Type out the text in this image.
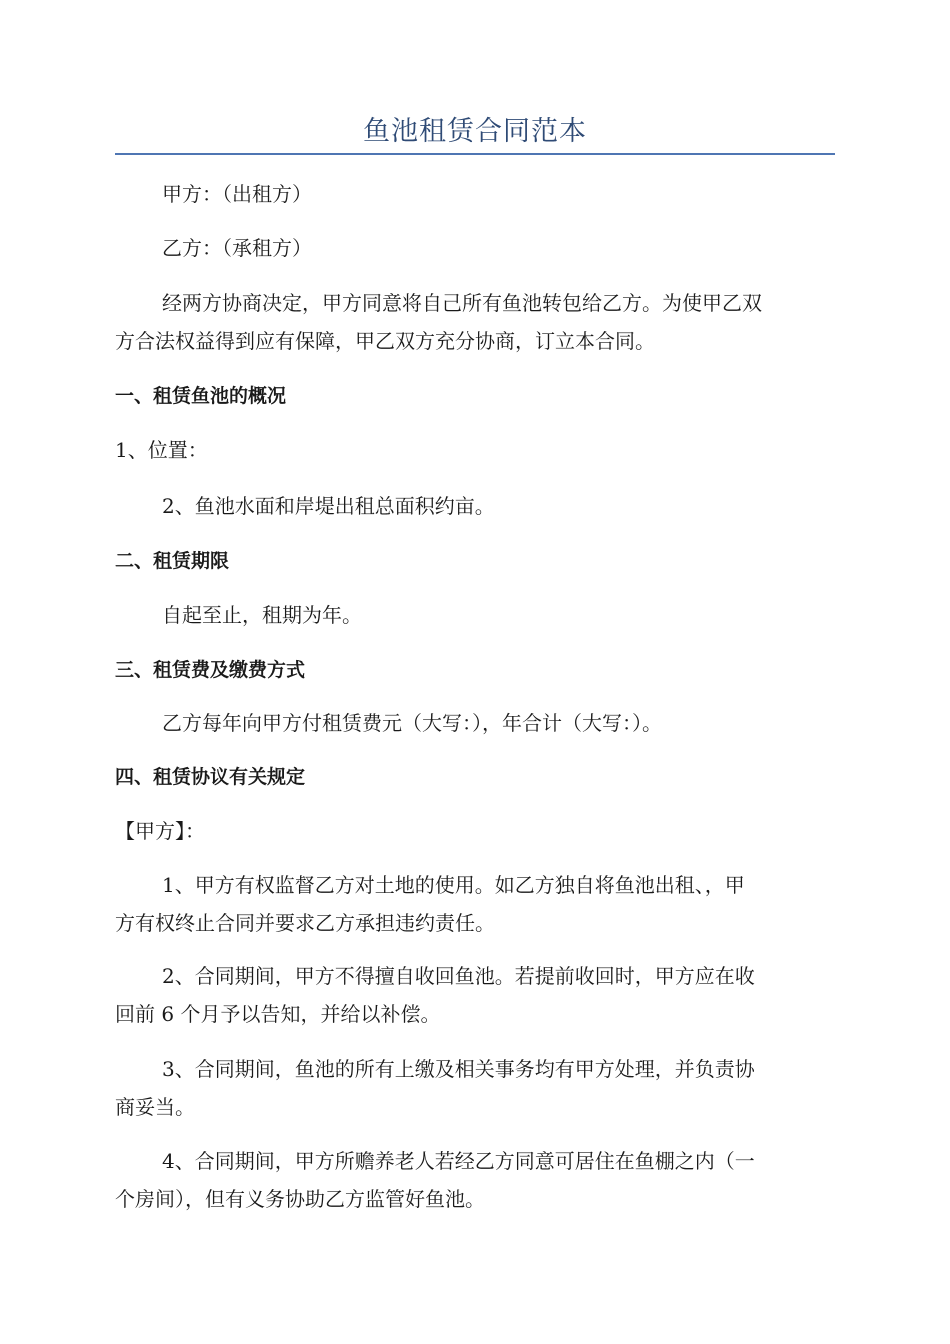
鱼池租赁合同范本
甲方：（出租方）
乙方：（承租方）
经两方协商决定，甲方同意将自己所有鱼池转包给乙方。为使甲乙双
方合法权益得到应有保障，甲乙双方充分协商，订立本合同。
一、租赁鱼池的概况
1、位置：
2、鱼池水面和岸堤出租总面积约亩。
二、租赁期限
自起至止，租期为年。
三、租赁费及缴费方式
乙方每年向甲方付租赁费元（大写：），年合计（大写：）。
四、租赁协议有关规定
【甲方】：
1、甲方有权监督乙方对土地的使用。如乙方独自将鱼池出租、，甲
方有权终止合同并要求乙方承担违约责任。
2、合同期间，甲方不得擅自收回鱼池。若提前收回时，甲方应在收
回前 6 个月予以告知，并给以补偿。
3、合同期间，鱼池的所有上缴及相关事务均有甲方处理，并负责协
商妥当。
4、合同期间，甲方所赡养老人若经乙方同意可居住在鱼棚之内（一
个房间），但有义务协助乙方监管好鱼池。
